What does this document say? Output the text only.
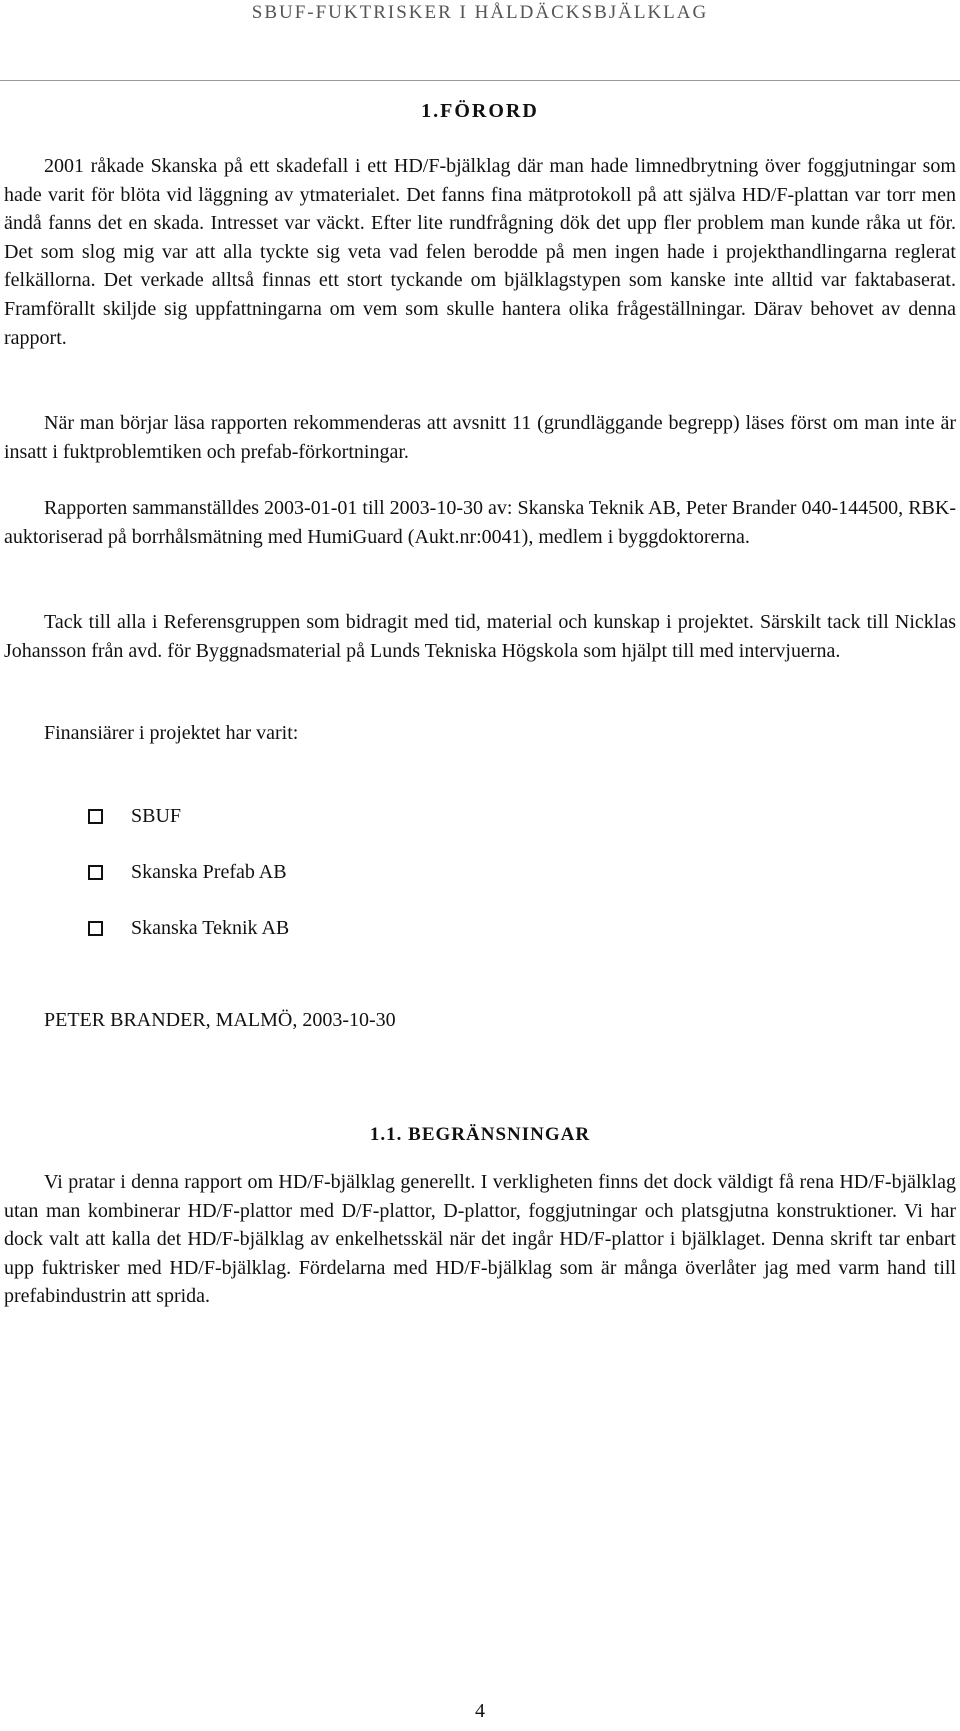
SBUF-FUKTRISKER I HÅLDÄCKSBJÄLKLAG
1.FÖRORD

2001 råkade Skanska på ett skadefall i ett HD/F-bjälklag där man hade limnedbrytning över foggjutningar som hade varit för blöta vid läggning av ytmaterialet. Det fanns fina mätprotokoll på att själva HD/F-plattan var torr men ändå fanns det en skada. Intresset var väckt. Efter lite rundfrågning dök det upp fler problem man kunde råka ut för. Det som slog mig var att alla tyckte sig veta vad felen berodde på men ingen hade i projekthandlingarna reglerat felkällorna. Det verkade alltså finnas ett stort tyckande om bjälklagstypen som kanske inte alltid var faktabaserat. Framförallt skiljde sig uppfattningarna om vem som skulle hantera olika frågeställningar. Därav behovet av denna rapport.

När man börjar läsa rapporten rekommenderas att avsnitt 11 (grundläggande begrepp) läses först om man inte är insatt i fuktproblemtiken och prefab-förkortningar.

Rapporten sammanställdes 2003-01-01 till 2003-10-30 av: Skanska Teknik AB, Peter Brander 040-144500, RBK-auktoriserad på borrhålsmätning med HumiGuard (Aukt.nr:0041), medlem i byggdoktorerna.

Tack till alla i Referensgruppen som bidragit med tid, material och kunskap i projektet. Särskilt tack till Nicklas Johansson från avd. för Byggnadsmaterial på Lunds Tekniska Högskola som hjälpt till med intervjuerna.

Finansiärer i projektet har varit:

SBUF
Skanska Prefab AB
Skanska Teknik AB
PETER BRANDER, MALMÖ, 2003-10-30
1.1. BEGRÄNSNINGAR

Vi pratar i denna rapport om HD/F-bjälklag generellt. I verkligheten finns det dock väldigt få rena HD/F-bjälklag utan man kombinerar HD/F-plattor med D/F-plattor, D-plattor, foggjutningar och platsgjutna konstruktioner. Vi har dock valt att kalla det HD/F-bjälklag av enkelhetsskäl när det ingår HD/F-plattor i bjälklaget. Denna skrift tar enbart upp fuktrisker med HD/F-bjälklag. Fördelarna med HD/F-bjälklag som är många överlåter jag med varm hand till prefabindustrin att sprida.

4
